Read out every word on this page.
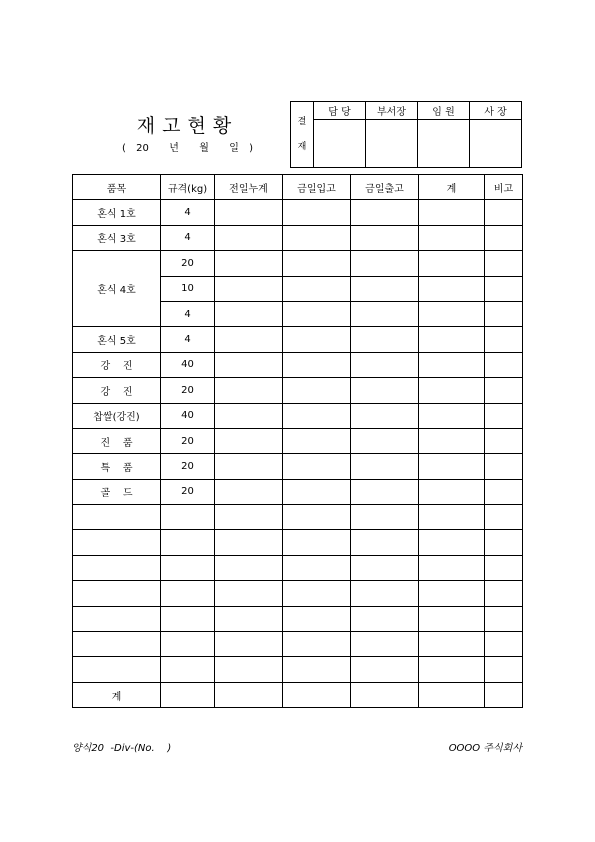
재고현황
( 20  년  월  일 )
결
재	담 당	부서장	임 원	사 장

품목	규격(kg)	전일누계	금일입고	금일출고	계	비고
혼식 1호	4					
혼식 3호	4					
혼식 4호	20					
	10					
	4					
혼식 5호	4					
강    진	40					
강    진	20					
찹쌀(강진)	40					
진    품	20					
특    품	20					
골    드	20					

계						
양식20  -Div-(No.    )	OOOO 주식회사
